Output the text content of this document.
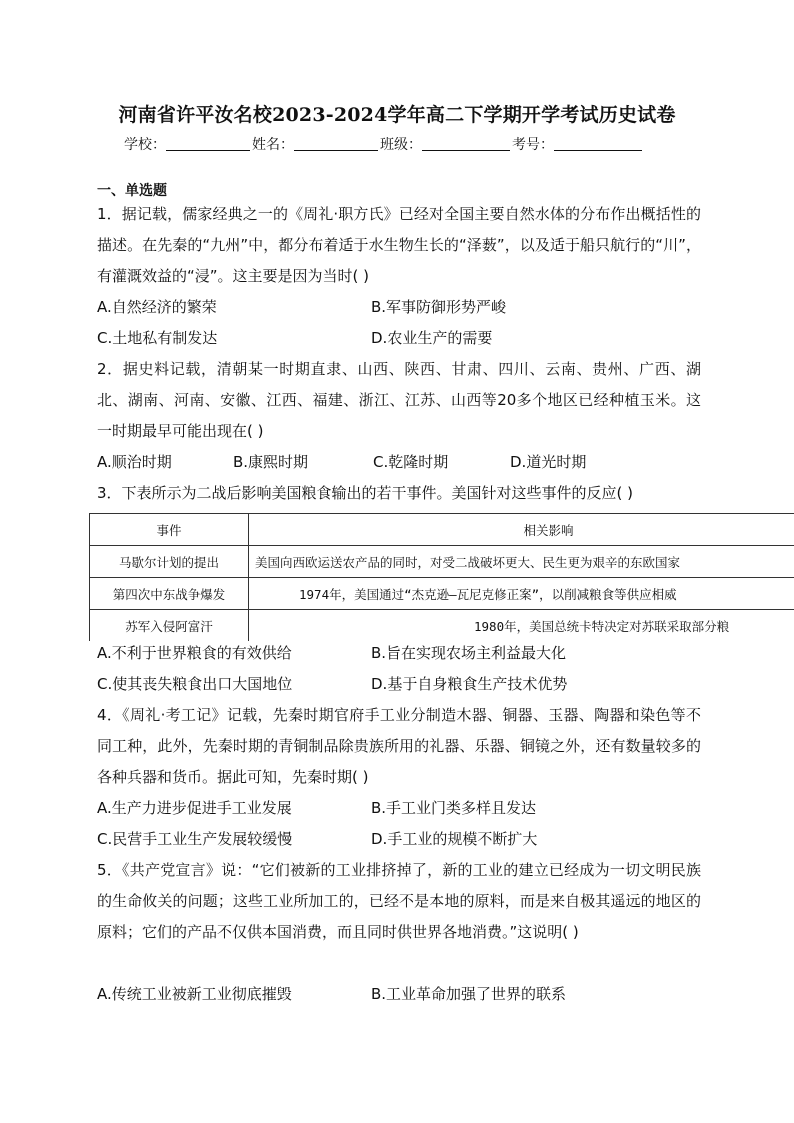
河南省许平汝名校2023-2024学年高二下学期开学考试历史试卷
学校：	姓名：	班级：	考号：
一、单选题
1．据记载，儒家经典之一的《周礼·职方氏》已经对全国主要自然水体的分布作出概括性的描述。在先秦的“九州”中，都分布着适于水生物生长的“泽薮”，以及适于船只航行的“川”，有灌溉效益的“浸”。这主要是因为当时( )
A.自然经济的繁荣	B.军事防御形势严峻
C.土地私有制发达	D.农业生产的需要
2．据史料记载，清朝某一时期直隶、山西、陕西、甘肃、四川、云南、贵州、广西、湖北、湖南、河南、安徽、江西、福建、浙江、江苏、山西等20多个地区已经种植玉米。这一时期最早可能出现在( )
A.顺治时期	B.康熙时期	C.乾隆时期	D.道光时期
3．下表所示为二战后影响美国粮食输出的若干事件。美国针对这些事件的反应( )
事件	相关影响
马歇尔计划的提出	美国向西欧运送农产品的同时，对受二战破坏更大、民生更为艰辛的东欧国家
第四次中东战争爆发	1974年，美国通过“杰克逊—瓦尼克修正案”，以削减粮食等供应相威
苏军入侵阿富汗	1980年，美国总统卡特决定对苏联采取部分粮
A.不利于世界粮食的有效供给	B.旨在实现农场主利益最大化
C.使其丧失粮食出口大国地位	D.基于自身粮食生产技术优势
4．《周礼·考工记》记载，先秦时期官府手工业分制造木器、铜器、玉器、陶器和染色等不同工种，此外，先秦时期的青铜制品除贵族所用的礼器、乐器、铜镜之外，还有数量较多的各种兵器和货币。据此可知，先秦时期( )
A.生产力进步促进手工业发展	B.手工业门类多样且发达
C.民营手工业生产发展较缓慢	D.手工业的规模不断扩大
5．《共产党宣言》说：“它们被新的工业排挤掉了，新的工业的建立已经成为一切文明民族的生命攸关的问题；这些工业所加工的，已经不是本地的原料，而是来自极其遥远的地区的原料；它们的产品不仅供本国消费，而且同时供世界各地消费。”这说明( )
A.传统工业被新工业彻底摧毁	B.工业革命加强了世界的联系
